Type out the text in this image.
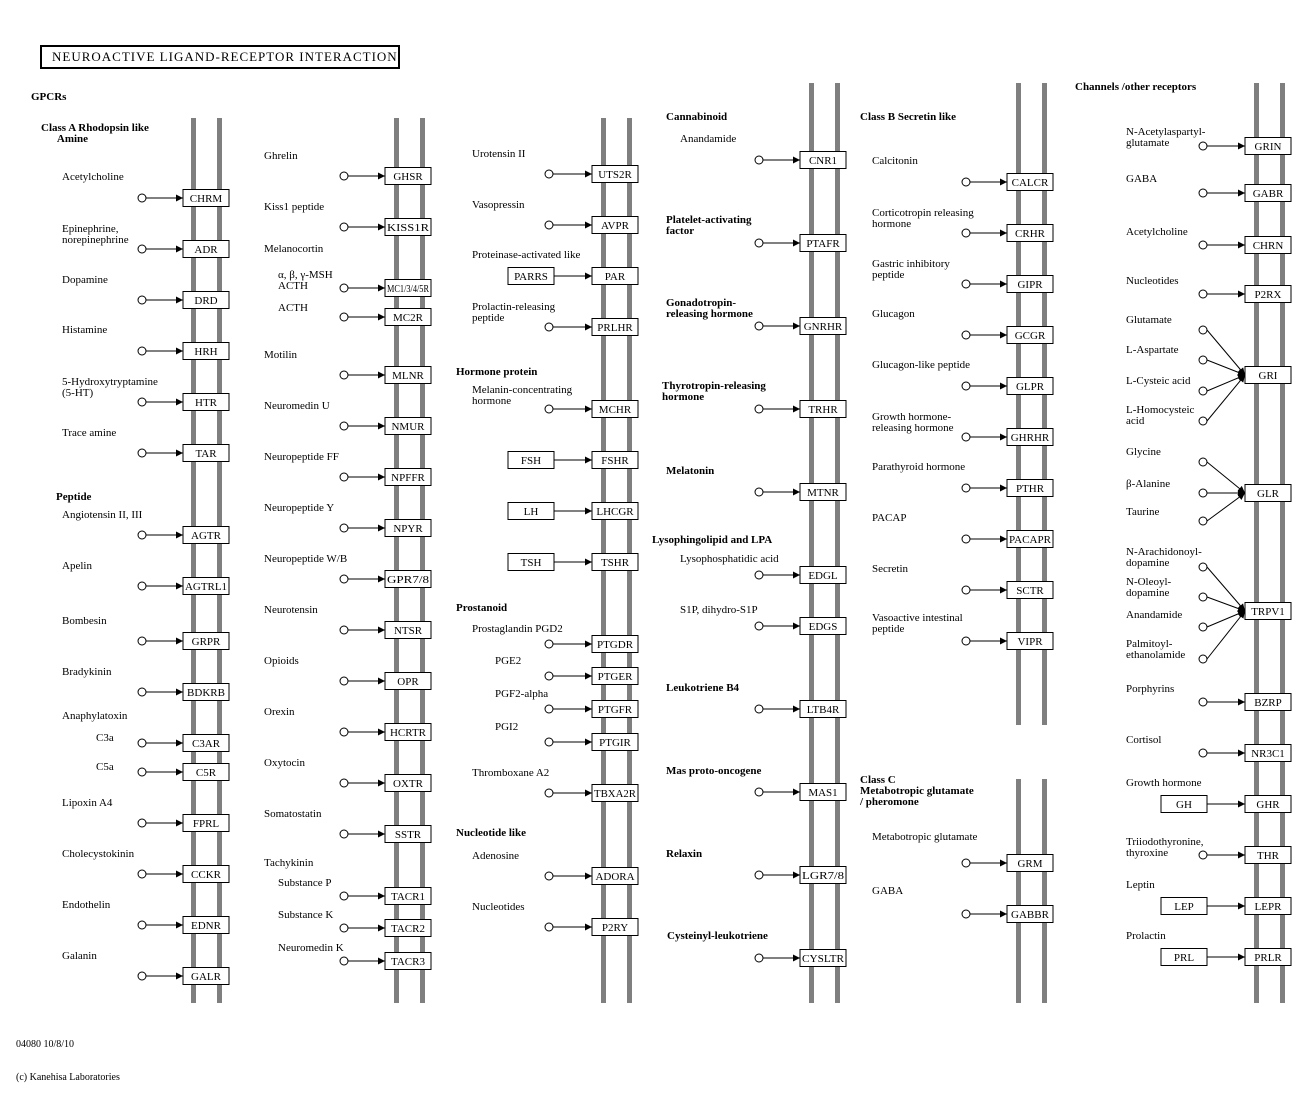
PARRS
FSH
LH
TSH
GH
LEP
PRL
CHRM
ADR
DRD
HRH
HTR
TAR
AGTR
AGTRL1
GRPR
BDKRB
C3AR
C5R
FPRL
CCKR
EDNR
GALR
GHSR
KISS1R
MC1/3/4/5R
MC2R
MLNR
NMUR
NPFFR
NPYR
GPR7/8
NTSR
OPR
HCRTR
OXTR
SSTR
TACR1
TACR2
TACR3
UTS2R
AVPR
PAR
PRLHR
MCHR
FSHR
LHCGR
TSHR
PTGDR
PTGER
PTGFR
PTGIR
TBXA2R
ADORA
P2RY
CNR1
PTAFR
GNRHR
TRHR
MTNR
EDGL
EDGS
LTB4R
MAS1
LGR7/8
CYSLTR
CALCR
CRHR
GIPR
GCGR
GLPR
GHRHR
PTHR
PACAPR
SCTR
VIPR
GRM
GABBR
GRIN
GABR
CHRN
P2RX
GRI
GLR
TRPV1
BZRP
NR3C1
GHR
THR
LEPR
PRLR
NEUROACTIVE LIGAND-RECEPTOR INTERACTION
GPCRs
Class A Rhodopsin like
Amine
Peptide
Hormone protein
Prostanoid
Nucleotide like
Cannabinoid
Platelet-activating
factor
Gonadotropin-
releasing hormone
Thyrotropin-releasing
hormone
Melatonin
Lysophingolipid and LPA
Leukotriene B4
Mas proto-oncogene
Relaxin
Cysteinyl-leukotriene
Class B Secretin like
Class C
Metabotropic glutamate
/ pheromone
Channels /other receptors
Acetylcholine
Epinephrine,
norepinephrine
Dopamine
Histamine
5-Hydroxytryptamine
(5-HT)
Trace amine
Angiotensin II, III
Apelin
Bombesin
Bradykinin
Anaphylatoxin
C3a
C5a
Lipoxin A4
Cholecystokinin
Endothelin
Galanin
Ghrelin
Kiss1 peptide
Melanocortin
α, β, γ-MSH
ACTH
ACTH
Motilin
Neuromedin U
Neuropeptide FF
Neuropeptide Y
Neuropeptide W/B
Neurotensin
Opioids
Orexin
Oxytocin
Somatostatin
Tachykinin
Substance P
Substance K
Neuromedin K
Urotensin II
Vasopressin
Proteinase-activated like
Prolactin-releasing
peptide
Melanin-concentrating
hormone
Prostaglandin PGD2
PGE2
PGF2-alpha
PGI2
Thromboxane A2
Adenosine
Nucleotides
Anandamide
Lysophosphatidic acid
S1P, dihydro-S1P
Calcitonin
Corticotropin releasing
hormone
Gastric inhibitory
peptide
Glucagon
Glucagon-like peptide
Growth hormone-
releasing hormone
Parathyroid hormone
PACAP
Secretin
Vasoactive intestinal
peptide
Metabotropic glutamate
GABA
N-Acetylaspartyl-
glutamate
GABA
Acetylcholine
Nucleotides
Glutamate
L-Aspartate
L-Cysteic acid
L-Homocysteic
acid
Glycine
β-Alanine
Taurine
N-Arachidonoyl-
dopamine
N-Oleoyl-
dopamine
Anandamide
Palmitoyl-
ethanolamide
Porphyrins
Cortisol
Growth hormone
Triiodothyronine,
thyroxine
Leptin
Prolactin

04080 10/8/10

(c) Kanehisa Laboratories
